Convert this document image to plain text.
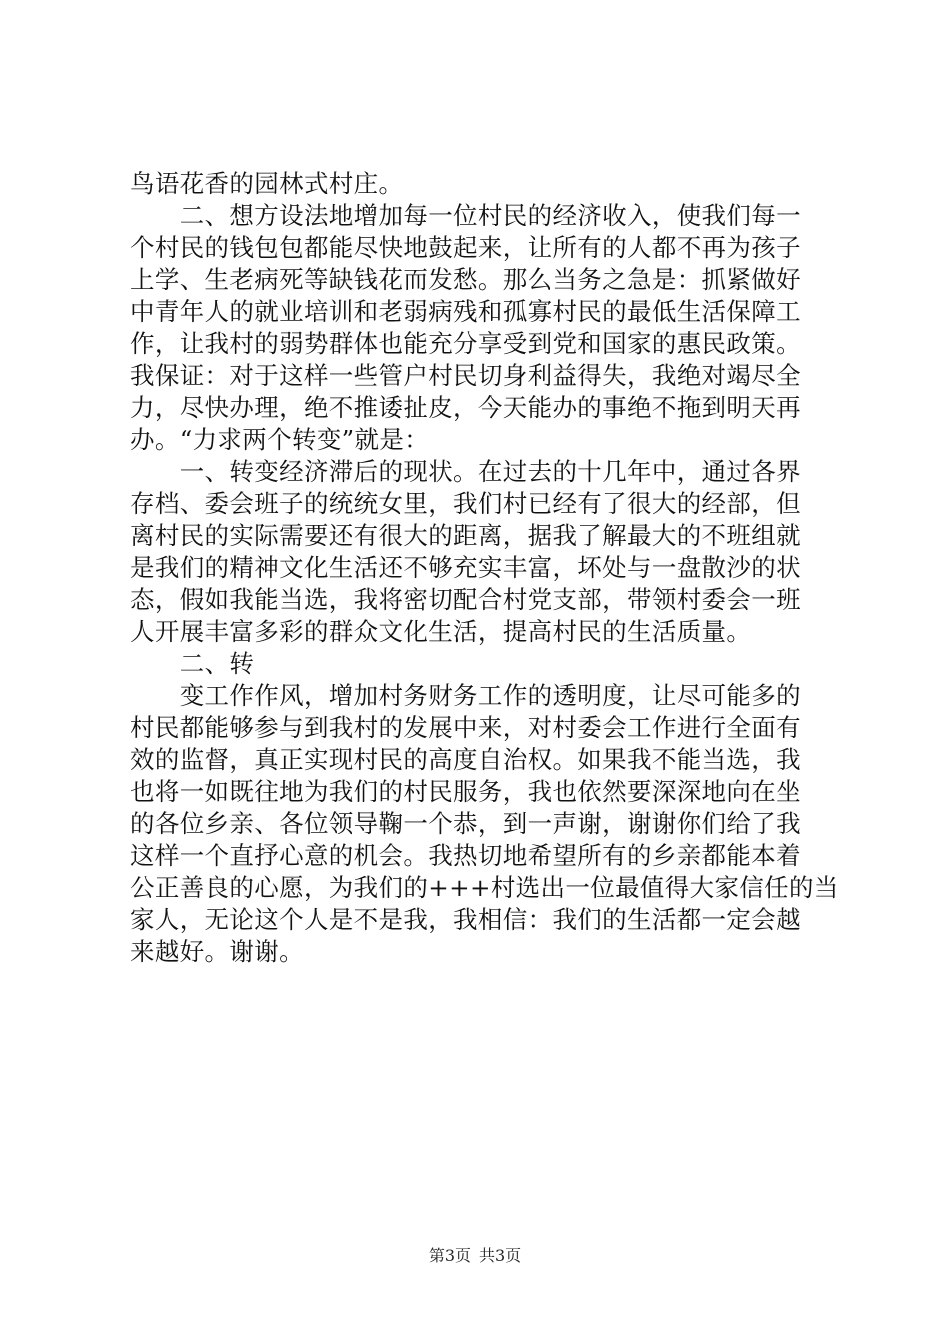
鸟语花香的园林式村庄。
　　二、想方设法地增加每一位村民的经济收入，使我们每一
个村民的钱包包都能尽快地鼓起来，让所有的人都不再为孩子
上学、生老病死等缺钱花而发愁。那么当务之急是：抓紧做好
中青年人的就业培训和老弱病残和孤寡村民的最低生活保障工
作，让我村的弱势群体也能充分享受到党和国家的惠民政策。
我保证：对于这样一些管户村民切身利益得失，我绝对竭尽全
力，尽快办理，绝不推诿扯皮，今天能办的事绝不拖到明天再
办。“力求两个转变”就是：
　　一、转变经济滞后的现状。在过去的十几年中，通过各界
存档、委会班子的统统女里，我们村已经有了很大的经部，但
离村民的实际需要还有很大的距离，据我了解最大的不班组就
是我们的精神文化生活还不够充实丰富，坏处与一盘散沙的状
态，假如我能当选，我将密切配合村党支部，带领村委会一班
人开展丰富多彩的群众文化生活，提高村民的生活质量。
　　二、转
　　变工作作风，增加村务财务工作的透明度，让尽可能多的
村民都能够参与到我村的发展中来，对村委会工作进行全面有
效的监督，真正实现村民的高度自治权。如果我不能当选，我
也将一如既往地为我们的村民服务，我也依然要深深地向在坐
的各位乡亲、各位领导鞠一个恭，到一声谢，谢谢你们给了我
这样一个直抒心意的机会。我热切地希望所有的乡亲都能本着
公正善良的心愿，为我们的+++村选出一位最值得大家信任的当
家人，无论这个人是不是我，我相信：我们的生活都一定会越
来越好。谢谢。
第3页 共3页
